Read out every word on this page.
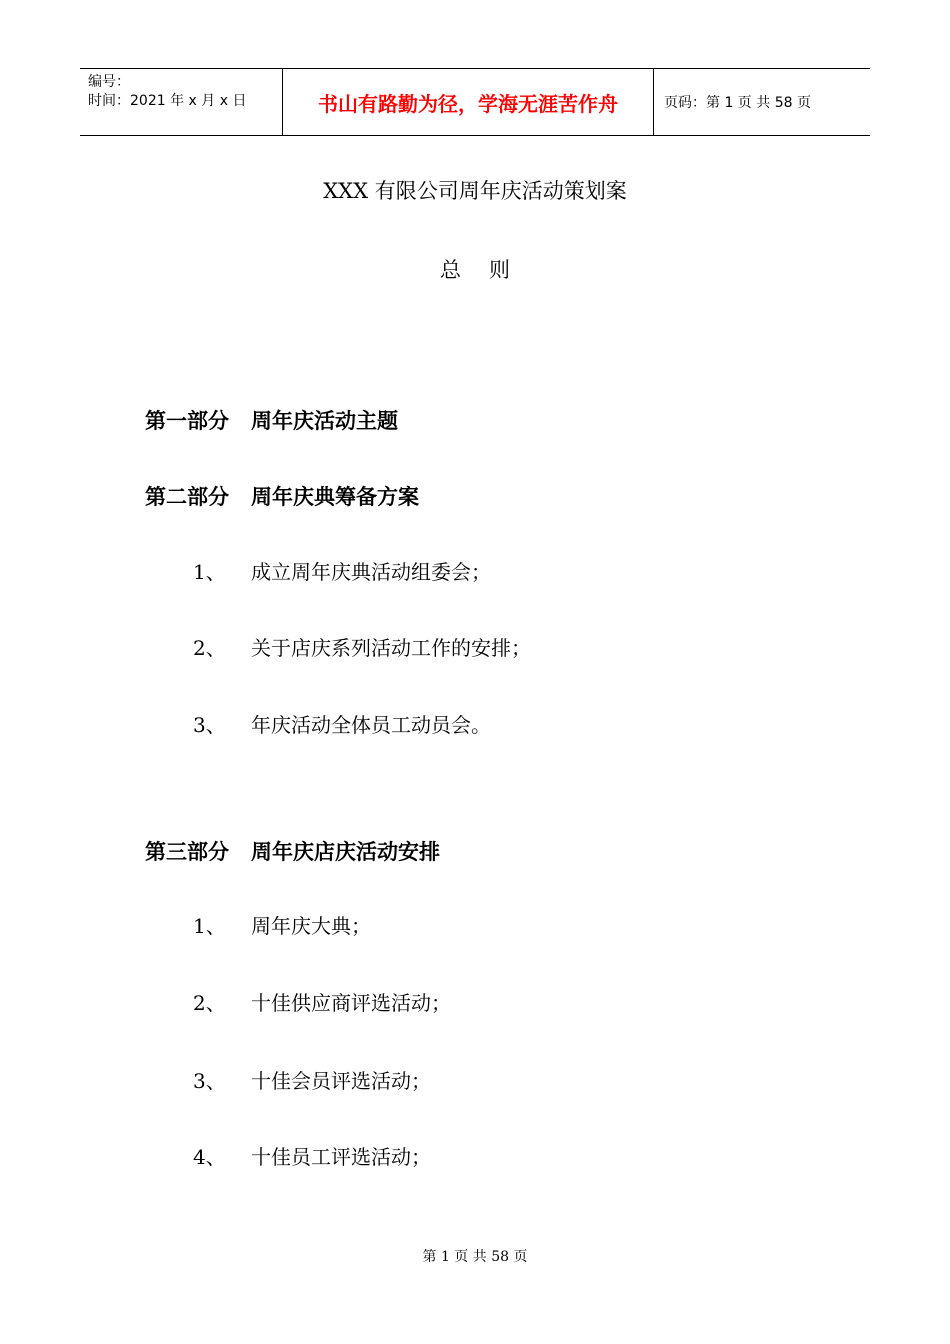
编号：
时间：2021 年 x 月 x 日	书山有路勤为径，学海无涯苦作舟	页码：第 1 页 共 58 页
XXX 有限公司周年庆活动策划案
总则
第一部分 周年庆活动主题
第二部分 周年庆典筹备方案
1、 成立周年庆典活动组委会；
2、 关于店庆系列活动工作的安排；
3、 年庆活动全体员工动员会。
第三部分 周年庆店庆活动安排
1、 周年庆大典；
2、 十佳供应商评选活动；
3、 十佳会员评选活动；
4、 十佳员工评选活动；
第 1 页 共 58 页
